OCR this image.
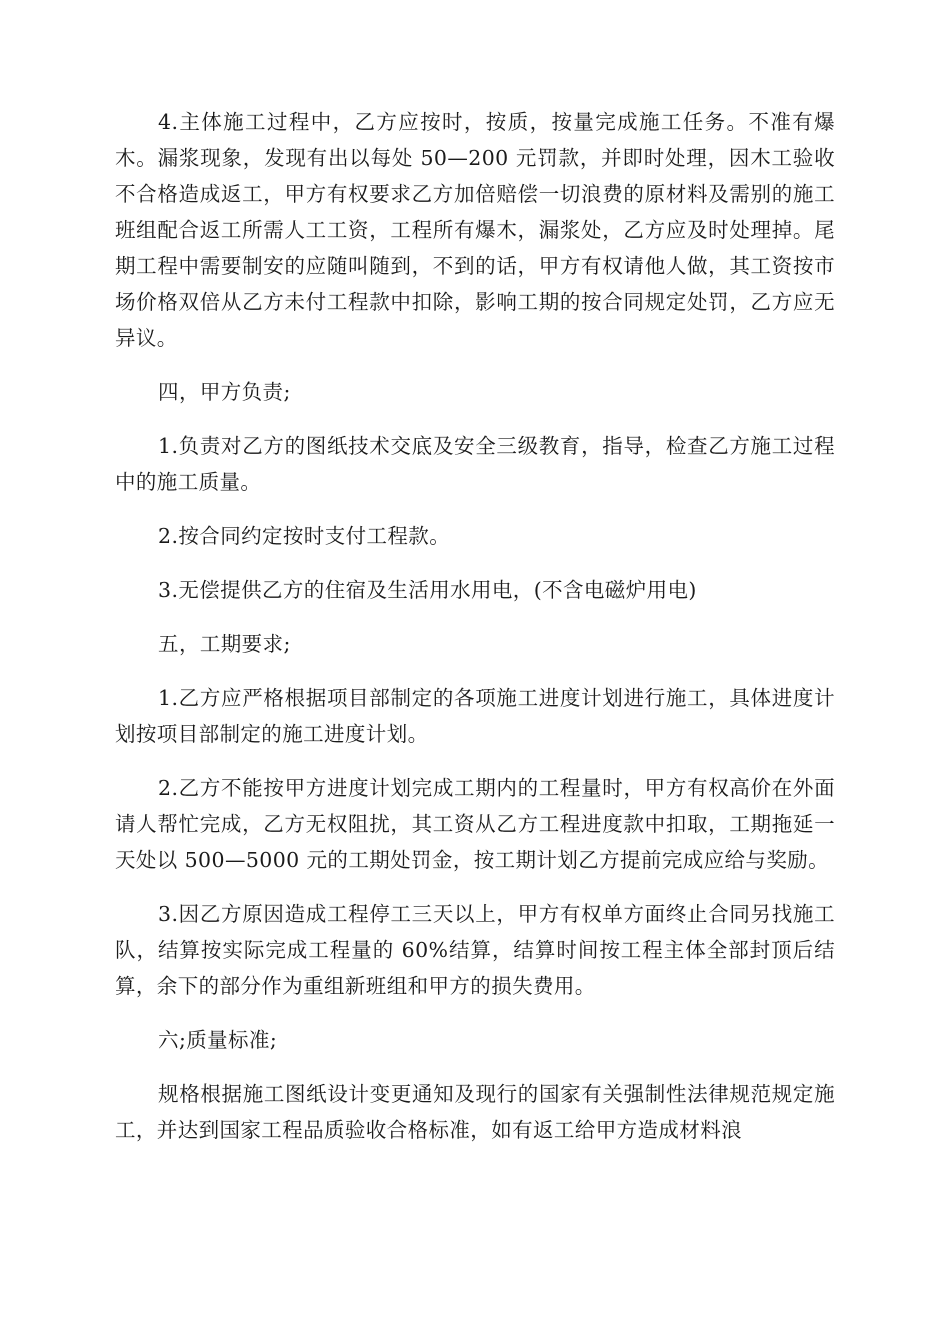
4.主体施工过程中，乙方应按时，按质，按量完成施工任务。不准有爆木。漏浆现象，发现有出以每处 50—200 元罚款，并即时处理，因木工验收不合格造成返工，甲方有权要求乙方加倍赔偿一切浪费的原材料及需别的施工班组配合返工所需人工工资，工程所有爆木，漏浆处，乙方应及时处理掉。尾期工程中需要制安的应随叫随到，不到的话，甲方有权请他人做，其工资按市场价格双倍从乙方未付工程款中扣除，影响工期的按合同规定处罚，乙方应无异议。

四，甲方负责;

1.负责对乙方的图纸技术交底及安全三级教育，指导，检查乙方施工过程中的施工质量。

2.按合同约定按时支付工程款。

3.无偿提供乙方的住宿及生活用水用电，(不含电磁炉用电)

五，工期要求;

1.乙方应严格根据项目部制定的各项施工进度计划进行施工，具体进度计划按项目部制定的施工进度计划。

2.乙方不能按甲方进度计划完成工期内的工程量时，甲方有权高价在外面请人帮忙完成，乙方无权阻扰，其工资从乙方工程进度款中扣取，工期拖延一天处以 500—5000 元的工期处罚金，按工期计划乙方提前完成应给与奖励。

3.因乙方原因造成工程停工三天以上，甲方有权单方面终止合同另找施工队，结算按实际完成工程量的 60%结算，结算时间按工程主体全部封顶后结算，余下的部分作为重组新班组和甲方的损失费用。

六;质量标准;

规格根据施工图纸设计变更通知及现行的国家有关强制性法律规范规定施工，并达到国家工程品质验收合格标准，如有返工给甲方造成材料浪
